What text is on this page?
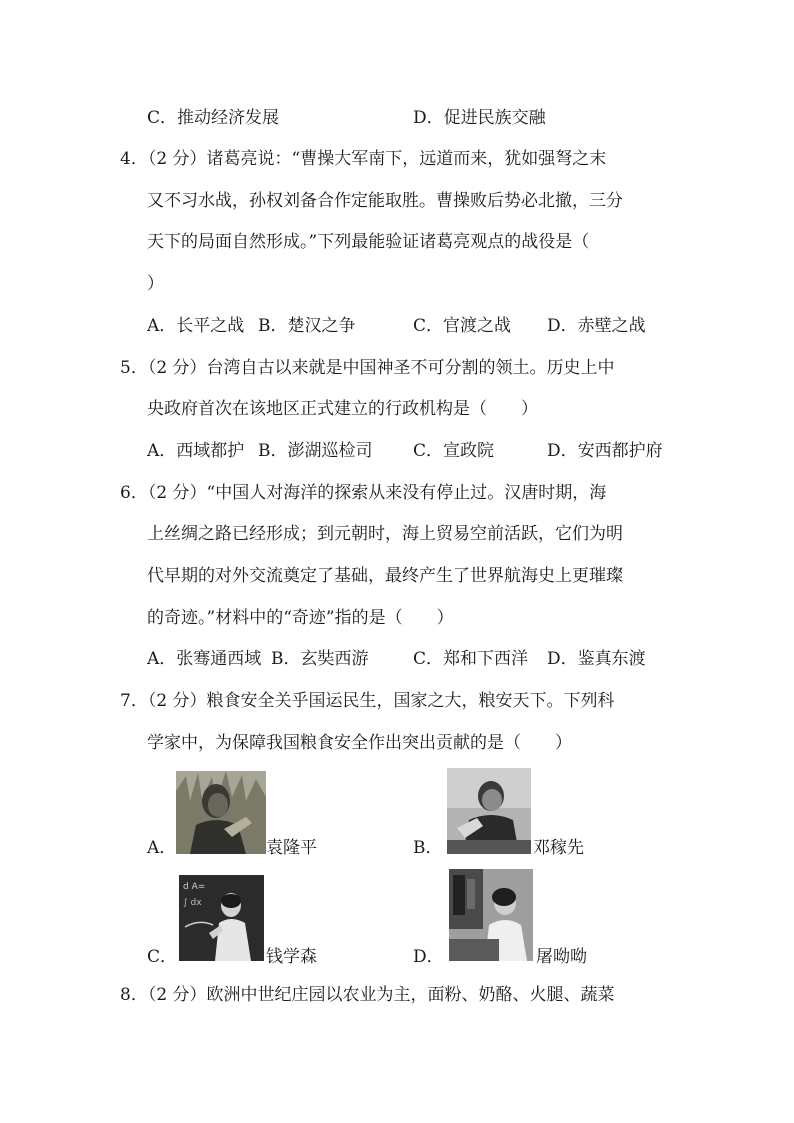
C．推动经济发展	D．促进民族交融
4．（2 分）诸葛亮说：“曹操大军南下，远道而来，犹如强弩之末
又不习水战，孙权刘备合作定能取胜。曹操败后势必北撤，三分
天下的局面自然形成。”下列最能验证诸葛亮观点的战役是（
）
A．长平之战 B．楚汉之争	C．官渡之战 D．赤壁之战
5．（2 分）台湾自古以来就是中国神圣不可分割的领土。历史上中
央政府首次在该地区正式建立的行政机构是（　　）
A．西域都护 B．澎湖巡检司 C．宣政院	D．安西都护府
6．（2 分）“中国人对海洋的探索从来没有停止过。汉唐时期，海
上丝绸之路已经形成；到元朝时，海上贸易空前活跃，它们为明
代早期的对外交流奠定了基础，最终产生了世界航海史上更璀璨
的奇迹。”材料中的“奇迹”指的是（　　）
A．张骞通西域 B．玄奘西游	C．郑和下西洋 D．鉴真东渡
7．（2 分）粮食安全关乎国运民生，国家之大，粮安天下。下列科
学家中，为保障我国粮食安全作出突出贡献的是（　　）
A．	袁隆平	B．	邓稼先
d A=
∫ dx
C．	钱学森	D．	屠呦呦
8．（2 分）欧洲中世纪庄园以农业为主，面粉、奶酪、火腿、蔬菜
